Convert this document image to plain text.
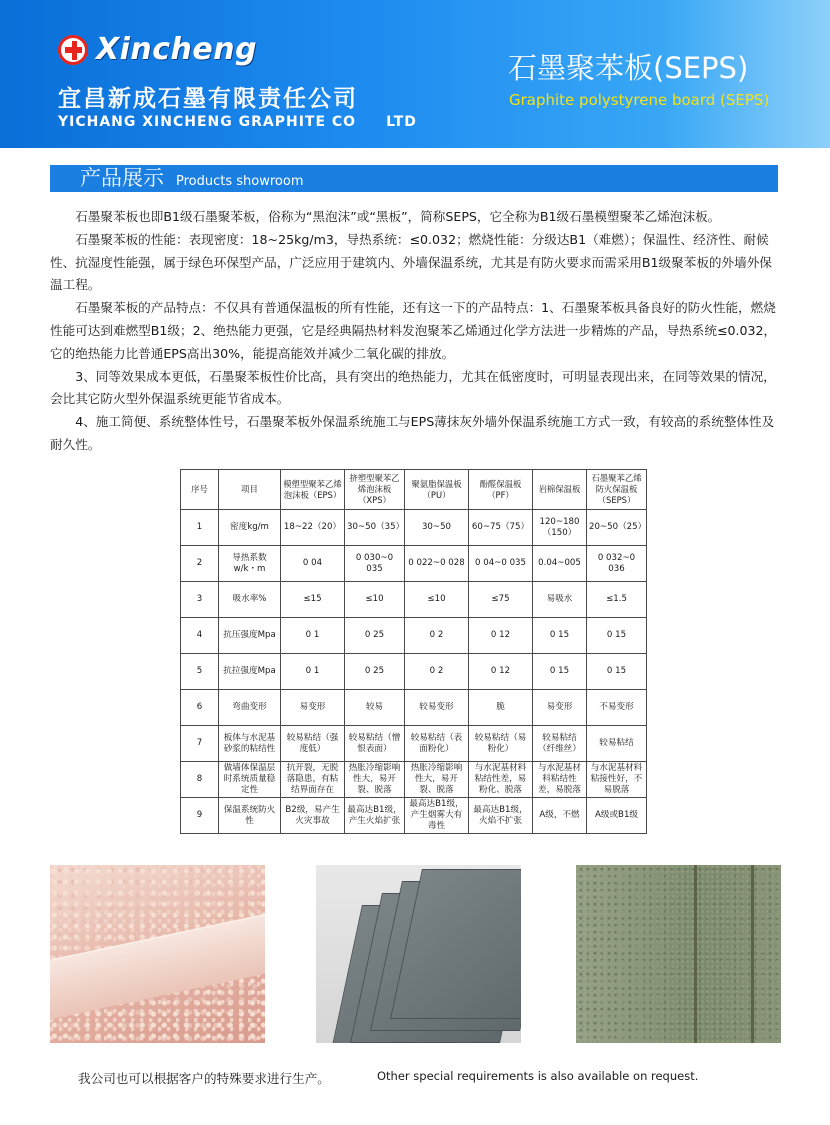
Xincheng
宜昌新成石墨有限责任公司
YICHANG XINCHENG GRAPHITE CO　　LTD
石墨聚苯板(SEPS)
Graphite polystyrene board (SEPS)
产品展示 Products showroom

石墨聚苯板也即B1级石墨聚苯板，俗称为“黑泡沫”或“黑板”，简称SEPS，它全称为B1级石墨模塑聚苯乙烯泡沫板。

石墨聚苯板的性能：表现密度：18~25kg/m3，导热系统：≤0.032；燃烧性能：分级达B1（难燃）；保温性、经济性、耐候性、抗湿度性能强，属于绿色环保型产品，广泛应用于建筑内、外墙保温系统，尤其是有防火要求而需采用B1级聚苯板的外墙外保温工程。

石墨聚苯板的产品特点：不仅具有普通保温板的所有性能，还有这一下的产品特点：1、石墨聚苯板具备良好的防火性能，燃烧性能可达到难燃型B1级；2、绝热能力更强，它是经典隔热材料发泡聚苯乙烯通过化学方法进一步精炼的产品，导热系统≤0.032，它的绝热能力比普通EPS高出30%，能提高能效并减少二氧化碳的排放。

3、同等效果成本更低，石墨聚苯板性价比高，具有突出的绝热能力，尤其在低密度时，可明显表现出来，在同等效果的情况，会比其它防火型外保温系统更能节省成本。

4、施工简便、系统整体性号，石墨聚苯板外保温系统施工与EPS薄抹灰外墙外保温系统施工方式一致，有较高的系统整体性及耐久性。

序号	项目	模塑型聚苯乙烯泡沫板（EPS）	挤塑型聚苯乙烯泡沫板（XPS）	聚氨脂保温板（PU）	酚醛保温板（PF）	岩棉保温板	石墨聚苯乙烯防火保温板（SEPS）
1	密度kg/m	18~22（20）	30~50（35）	30~50	60~75（75）	120~180（150）	20~50（25）
2	导热系数w/k・m	0 04	0 030~0 035	0 022~0 028	0 04~0 035	0.04~005	0 032~0 036
3	吸水率%	≤15	≤10	≤10	≤75	易吸水	≤1.5
4	抗压强度Mpa	0 1	0 25	0 2	0 12	0 15	0 15
5	抗拉强度Mpa	0 1	0 25	0 2	0 12	0 15	0 15
6	弯曲变形	易变形	较易	较易变形	脆	易变形	不易变形
7	板体与水泥基砂浆的粘结性	较易粘结（强度低）	较易粘结（憎恨表面）	较易粘结（表面粉化）	较易粘结（易粉化）	较易粘结（纤维丝）	较易粘结
8	做墙体保温层时系统质量稳定性	抗开裂，无脱落隐患，有粘结界面存在	热胀冷缩影响性大，易开裂、脱落	热胀冷缩影响性大，易开裂、脱落	与水泥基材料粘结性差，易粉化、脱落	与水泥基材料粘结性差，易脱落	与水泥基材料粘接性好，不易脱落
9	保温系统防火性	B2级，易产生火灾事故	最高达B1级，产生火焰扩张	最高达B1级，产生烟雾大有毒性	最高达B1级，火焰不扩张	A级，不燃	A级或B1级
我公司也可以根据客户的特殊要求进行生产。	Other special requirements is also available on request.
